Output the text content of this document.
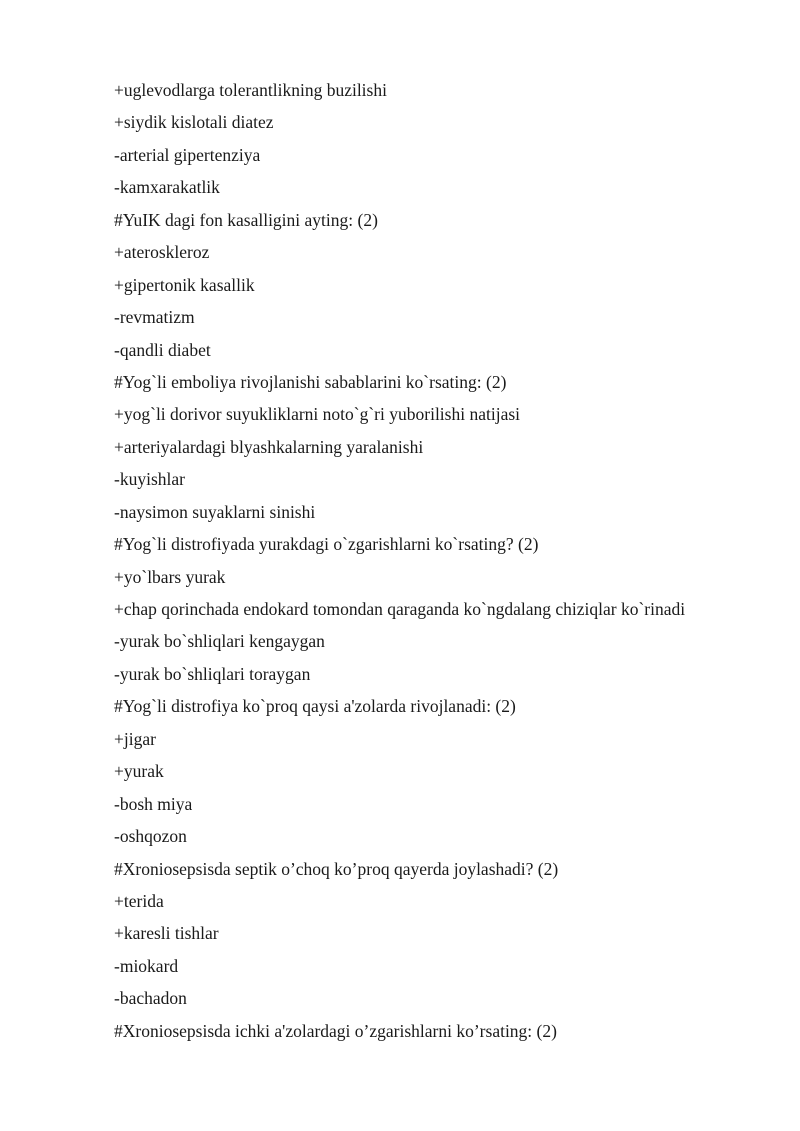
+uglevodlarga tolerantlikning buzilishi
+siydik kislotali diatez
-arterial gipertenziya
-kamxarakatlik
#YuIK dagi fon kasalligini ayting: (2)
+ateroskleroz
+gipertonik kasallik
-revmatizm
-qandli diabet
#Yog`li emboliya rivojlanishi sabablarini ko`rsating: (2)
+yog`li dorivor suyukliklarni noto`g`ri yuborilishi natijasi
+arteriyalardagi blyashkalarning yaralanishi
-kuyishlar
-naysimon suyaklarni sinishi
#Yog`li distrofiyada yurakdagi o`zgarishlarni ko`rsating? (2)
+yo`lbars yurak
+chap qorinchada endokard tomondan qaraganda ko`ngdalang chiziqlar ko`rinadi
-yurak bo`shliqlari kengaygan
-yurak bo`shliqlari toraygan
#Yog`li distrofiya ko`proq qaysi a'zolarda rivojlanadi: (2)
+jigar
+yurak
-bosh miya
-oshqozon
#Xroniosepsisda septik o’choq ko’proq qayerda joylashadi? (2)
+terida
+karesli tishlar
-miokard
-bachadon
#Xroniosepsisda ichki a'zolardagi o’zgarishlarni ko’rsating: (2)
